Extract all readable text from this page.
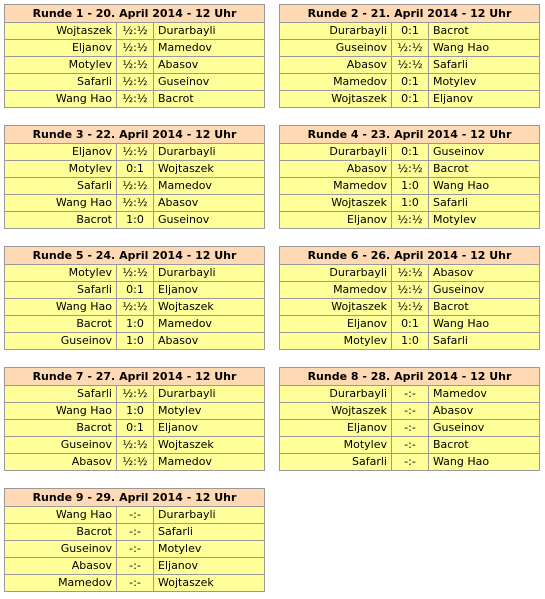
Runde 1 - 20. April 2014 - 12 Uhr		
Wojtaszek	½:½	Durarbayli
Eljanov	½:½	Mamedov
Motylev	½:½	Abasov
Safarli	½:½	Guseinov
Wang Hao	½:½	Bacrot
Runde 2 - 21. April 2014 - 12 Uhr		
Durarbayli	0:1	Bacrot
Guseinov	½:½	Wang Hao
Abasov	½:½	Safarli
Mamedov	0:1	Motylev
Wojtaszek	0:1	Eljanov
Runde 3 - 22. April 2014 - 12 Uhr		
Eljanov	½:½	Durarbayli
Motylev	0:1	Wojtaszek
Safarli	½:½	Mamedov
Wang Hao	½:½	Abasov
Bacrot	1:0	Guseinov
Runde 4 - 23. April 2014 - 12 Uhr		
Durarbayli	0:1	Guseinov
Abasov	½:½	Bacrot
Mamedov	1:0	Wang Hao
Wojtaszek	1:0	Safarli
Eljanov	½:½	Motylev
Runde 5 - 24. April 2014 - 12 Uhr		
Motylev	½:½	Durarbayli
Safarli	0:1	Eljanov
Wang Hao	½:½	Wojtaszek
Bacrot	1:0	Mamedov
Guseinov	1:0	Abasov
Runde 6 - 26. April 2014 - 12 Uhr		
Durarbayli	½:½	Abasov
Mamedov	½:½	Guseinov
Wojtaszek	½:½	Bacrot
Eljanov	0:1	Wang Hao
Motylev	1:0	Safarli
Runde 7 - 27. April 2014 - 12 Uhr		
Safarli	½:½	Durarbayli
Wang Hao	1:0	Motylev
Bacrot	0:1	Eljanov
Guseinov	½:½	Wojtaszek
Abasov	½:½	Mamedov
Runde 8 - 28. April 2014 - 12 Uhr		
Durarbayli	-:-	Mamedov
Wojtaszek	-:-	Abasov
Eljanov	-:-	Guseinov
Motylev	-:-	Bacrot
Safarli	-:-	Wang Hao
Runde 9 - 29. April 2014 - 12 Uhr		
Wang Hao	-:-	Durarbayli
Bacrot	-:-	Safarli
Guseinov	-:-	Motylev
Abasov	-:-	Eljanov
Mamedov	-:-	Wojtaszek
